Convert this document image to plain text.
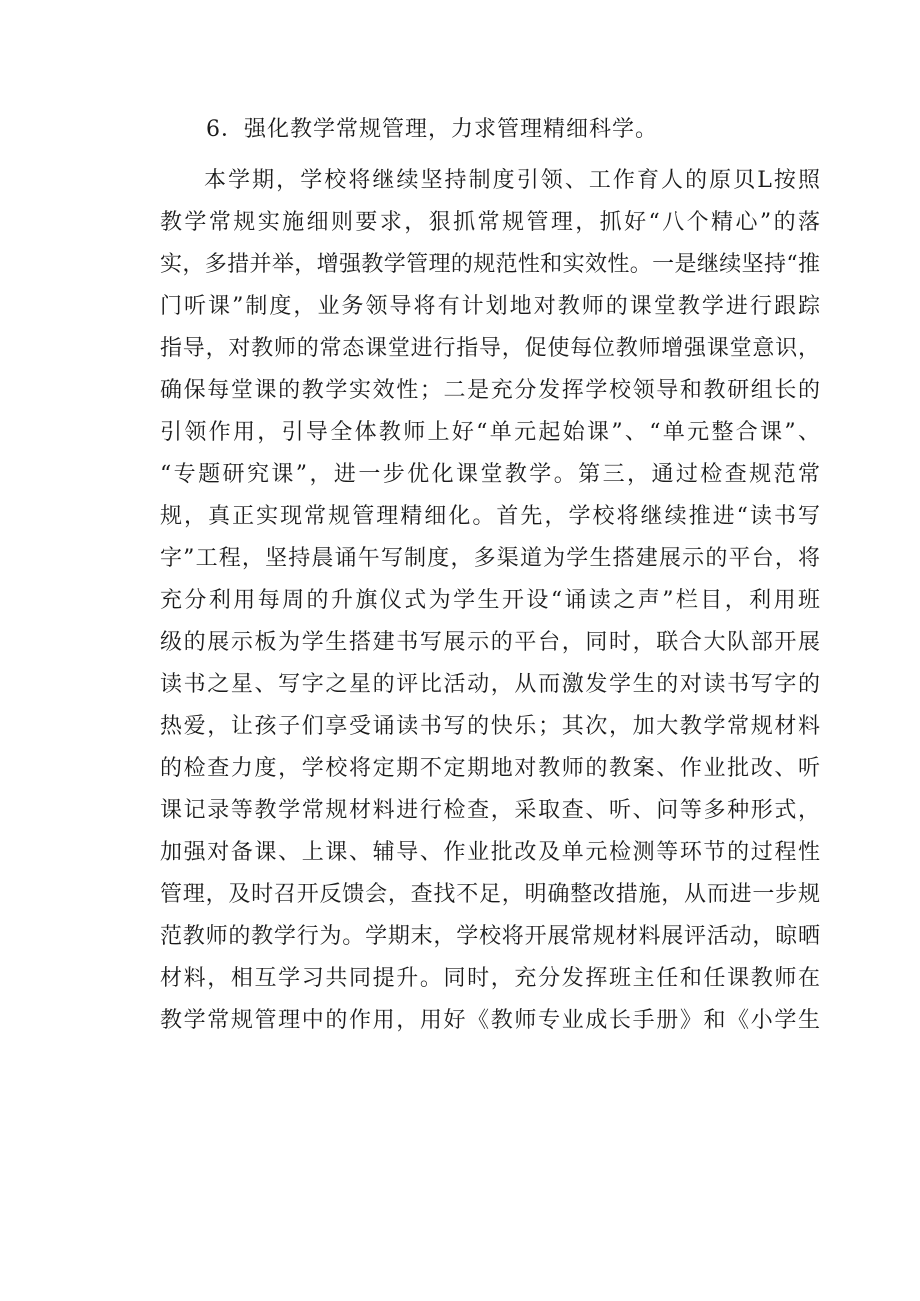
6．强化教学常规管理，力求管理精细科学。
本学期，学校将继续坚持制度引领、工作育人的原贝L按照
教学常规实施细则要求，狠抓常规管理，抓好“八个精心”的落
实，多措并举，增强教学管理的规范性和实效性。一是继续坚持“推
门听课”制度，业务领导将有计划地对教师的课堂教学进行跟踪
指导，对教师的常态课堂进行指导，促使每位教师增强课堂意识，
确保每堂课的教学实效性；二是充分发挥学校领导和教研组长的
引领作用，引导全体教师上好“单元起始课”、“单元整合课”、
“专题研究课”，进一步优化课堂教学。第三，通过检查规范常
规，真正实现常规管理精细化。首先，学校将继续推进“读书写
字”工程，坚持晨诵午写制度，多渠道为学生搭建展示的平台，将
充分利用每周的升旗仪式为学生开设“诵读之声”栏目，利用班
级的展示板为学生搭建书写展示的平台，同时，联合大队部开展
读书之星、写字之星的评比活动，从而激发学生的对读书写字的
热爱，让孩子们享受诵读书写的快乐；其次，加大教学常规材料
的检查力度，学校将定期不定期地对教师的教案、作业批改、听
课记录等教学常规材料进行检查，采取查、听、问等多种形式，
加强对备课、上课、辅导、作业批改及单元检测等环节的过程性
管理，及时召开反馈会，查找不足，明确整改措施，从而进一步规
范教师的教学行为。学期末，学校将开展常规材料展评活动，晾晒
材料，相互学习共同提升。同时，充分发挥班主任和任课教师在
教学常规管理中的作用，用好《教师专业成长手册》和《小学生
